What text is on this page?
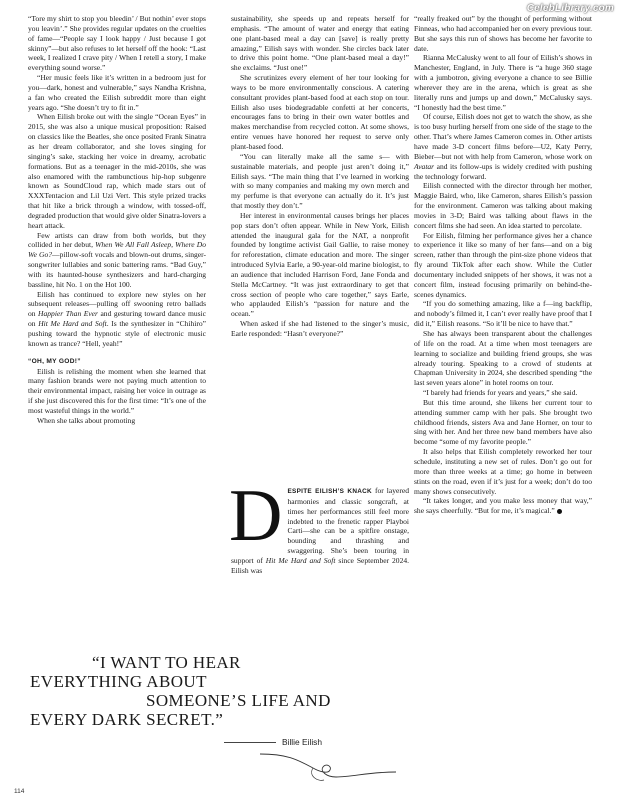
CelebLibrary.com

“Tore my shirt to stop you bleedin’ / But nothin’ ever stops you leavin’.” She provides regular updates on the cruelties of fame—“People say I look happy / Just because I got skinny”—but also refuses to let herself off the hook: “Last week, I realized I crave pity / When I retell a story, I make everything sound worse.”

“Her music feels like it’s written in a bedroom just for you—dark, honest and vulnerable,” says Nandha Krishna, a fan who created the Eilish subreddit more than eight years ago. “She doesn’t try to fit in.”

When Eilish broke out with the single “Ocean Eyes” in 2015, she was also a unique musical proposition: Raised on classics like the Beatles, she once posited Frank Sinatra as her dream collaborator, and she loves singing for singing’s sake, stacking her voice in dreamy, acrobatic formations. But as a teenager in the mid-2010s, she was also enamored with the rambunctious hip-hop subgenre known as SoundCloud rap, which made stars out of XXXTentacion and Lil Uzi Vert. This style prized tracks that hit like a brick through a window, with tossed-off, degraded production that would give older Sinatra-lovers a heart attack.

Few artists can draw from both worlds, but they collided in her debut, When We All Fall Asleep, Where Do We Go?—pillow-soft vocals and blown-out drums, singer-songwriter lullabies and sonic battering rams. “Bad Guy,” with its haunted-house synthesizers and hard-charging bassline, hit No. 1 on the Hot 100.

Eilish has continued to explore new styles on her subsequent releases—pulling off swooning retro ballads on Happier Than Ever and gesturing toward dance music on Hit Me Hard and Soft. Is the synthesizer in “Chihiro” pushing toward the hypnotic style of electronic music known as trance? “Hell, yeah!”

“OH, MY GOD!”

Eilish is relishing the moment when she learned that many fashion brands were not paying much attention to their environmental impact, raising her voice in outrage as if she just discovered this for the first time: “It’s one of the most wasteful things in the world.”

When she talks about promoting

sustainability, she speeds up and repeats herself for emphasis. “The amount of water and energy that eating one plant-based meal a day can [save] is really pretty amazing,” Eilish says with wonder. She circles back later to drive this point home. “One plant-based meal a day!” she exclaims. “Just one!”

She scrutinizes every element of her tour looking for ways to be more environmentally conscious. A catering consultant provides plant-based food at each stop on tour. Eilish also uses biodegradable confetti at her concerts, encourages fans to bring in their own water bottles and makes merchandise from recycled cotton. At some shows, entire venues have honored her request to serve only plant-based food.

“You can literally make all the same s— with sustainable materials, and people just aren’t doing it,” Eilish says. “The main thing that I’ve learned in working with so many companies and making my own merch and my perfume is that everyone can actually do it. It’s just that mostly they don’t.”

Her interest in environmental causes brings her places pop stars don’t often appear. While in New York, Eilish attended the inaugural gala for the NAT, a nonprofit founded by longtime activist Gail Gallie, to raise money for reforestation, climate education and more. The singer introduced Sylvia Earle, a 90-year-old marine biologist, to an audience that included Harrison Ford, Jane Fonda and Stella McCartney. “It was just extraordinary to get that cross section of people who care together,” says Earle, who applauded Eilish’s “passion for nature and the ocean.”

When asked if she had listened to the singer’s music, Earle responded: “Hasn’t everyone?”

DESPITE EILISH’S KNACK for layered harmonies and classic songcraft, at times her performances still feel more indebted to the frenetic rapper Playboi Carti—she can be a spitfire onstage, bounding and thrashing and swaggering. She’s been touring in support of Hit Me Hard and Soft since September 2024. Eilish was

“really freaked out” by the thought of performing without Finneas, who had accompanied her on every previous tour. But she says this run of shows has become her favorite to date.

Rianna McCalusky went to all four of Eilish’s shows in Manchester, England, in July. There is “a huge 360 stage with a jumbotron, giving everyone a chance to see Billie wherever they are in the arena, which is great as she literally runs and jumps up and down,” McCalusky says. “I honestly had the best time.”

Of course, Eilish does not get to watch the show, as she is too busy hurling herself from one side of the stage to the other. That’s where James Cameron comes in. Other artists have made 3-D concert films before—U2, Katy Perry, Bieber—but not with help from Cameron, whose work on Avatar and its follow-ups is widely credited with pushing the technology forward.

Eilish connected with the director through her mother, Maggie Baird, who, like Cameron, shares Eilish’s passion for the environment. Cameron was talking about making movies in 3-D; Baird was talking about flaws in the concert films she had seen. An idea started to percolate.

For Eilish, filming her performance gives her a chance to experience it like so many of her fans—and on a big screen, rather than through the pint-size phone videos that fly around TikTok after each show. While the Cutler documentary included snippets of her shows, it was not a concert film, instead focusing primarily on behind-the-scenes dynamics.

“If you do something amazing, like a f—ing backflip, and nobody’s filmed it, I can’t ever really have proof that I did it,” Eilish reasons. “So it’ll be nice to have that.”

She has always been transparent about the challenges of life on the road. At a time when most teenagers are learning to socialize and building friend groups, she was already touring. Speaking to a crowd of students at Chapman University in 2024, she described spending “the last seven years alone” in hotel rooms on tour.

“I barely had friends for years and years,” she said.

But this time around, she likens her current tour to attending summer camp with her pals. She brought two childhood friends, sisters Ava and Jane Horner, on tour to sing with her. And her three new band members have also become “some of my favorite people.”

It also helps that Eilish completely reworked her tour schedule, instituting a new set of rules. Don’t go out for more than three weeks at a time; go home in between stints on the road, even if it’s just for a week; don’t do too many shows consecutively.

“It takes longer, and you make less money that way,” she says cheerfully. “But for me, it’s magical.”

“I WANT TO HEAR
EVERYTHING ABOUT
SOMEONE’S LIFE AND
EVERY DARK SECRET.”
Billie Eilish
114
